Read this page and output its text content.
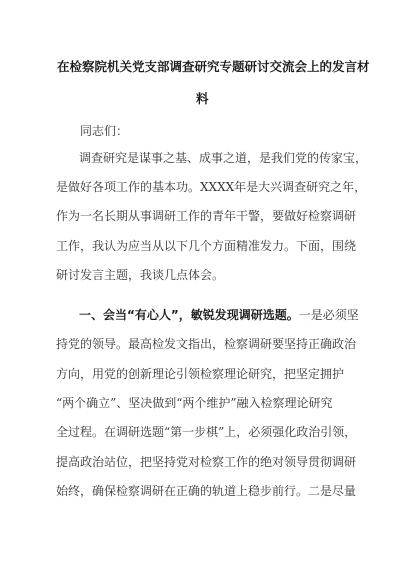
在检察院机关党支部调查研究专题研讨交流会上的发言材
料
同志们：
调查研究是谋事之基、成事之道，是我们党的传家宝，
是做好各项工作的基本功。XXXX年是大兴调查研究之年，
作为一名长期从事调研工作的青年干警，要做好检察调研
工作，我认为应当从以下几个方面精准发力。下面，围绕
研讨发言主题，我谈几点体会。
一、会当“有心人”，敏锐发现调研选题。一是必须坚
持党的领导。最高检发文指出，检察调研要坚持正确政治
方向，用党的创新理论引领检察理论研究，把坚定拥护
“两个确立”、坚决做到“两个维护”融入检察理论研究
全过程。在调研选题“第一步棋”上，必须强化政治引领，
提高政治站位，把坚持党对检察工作的绝对领导贯彻调研
始终，确保检察调研在正确的轨道上稳步前行。二是尽量
